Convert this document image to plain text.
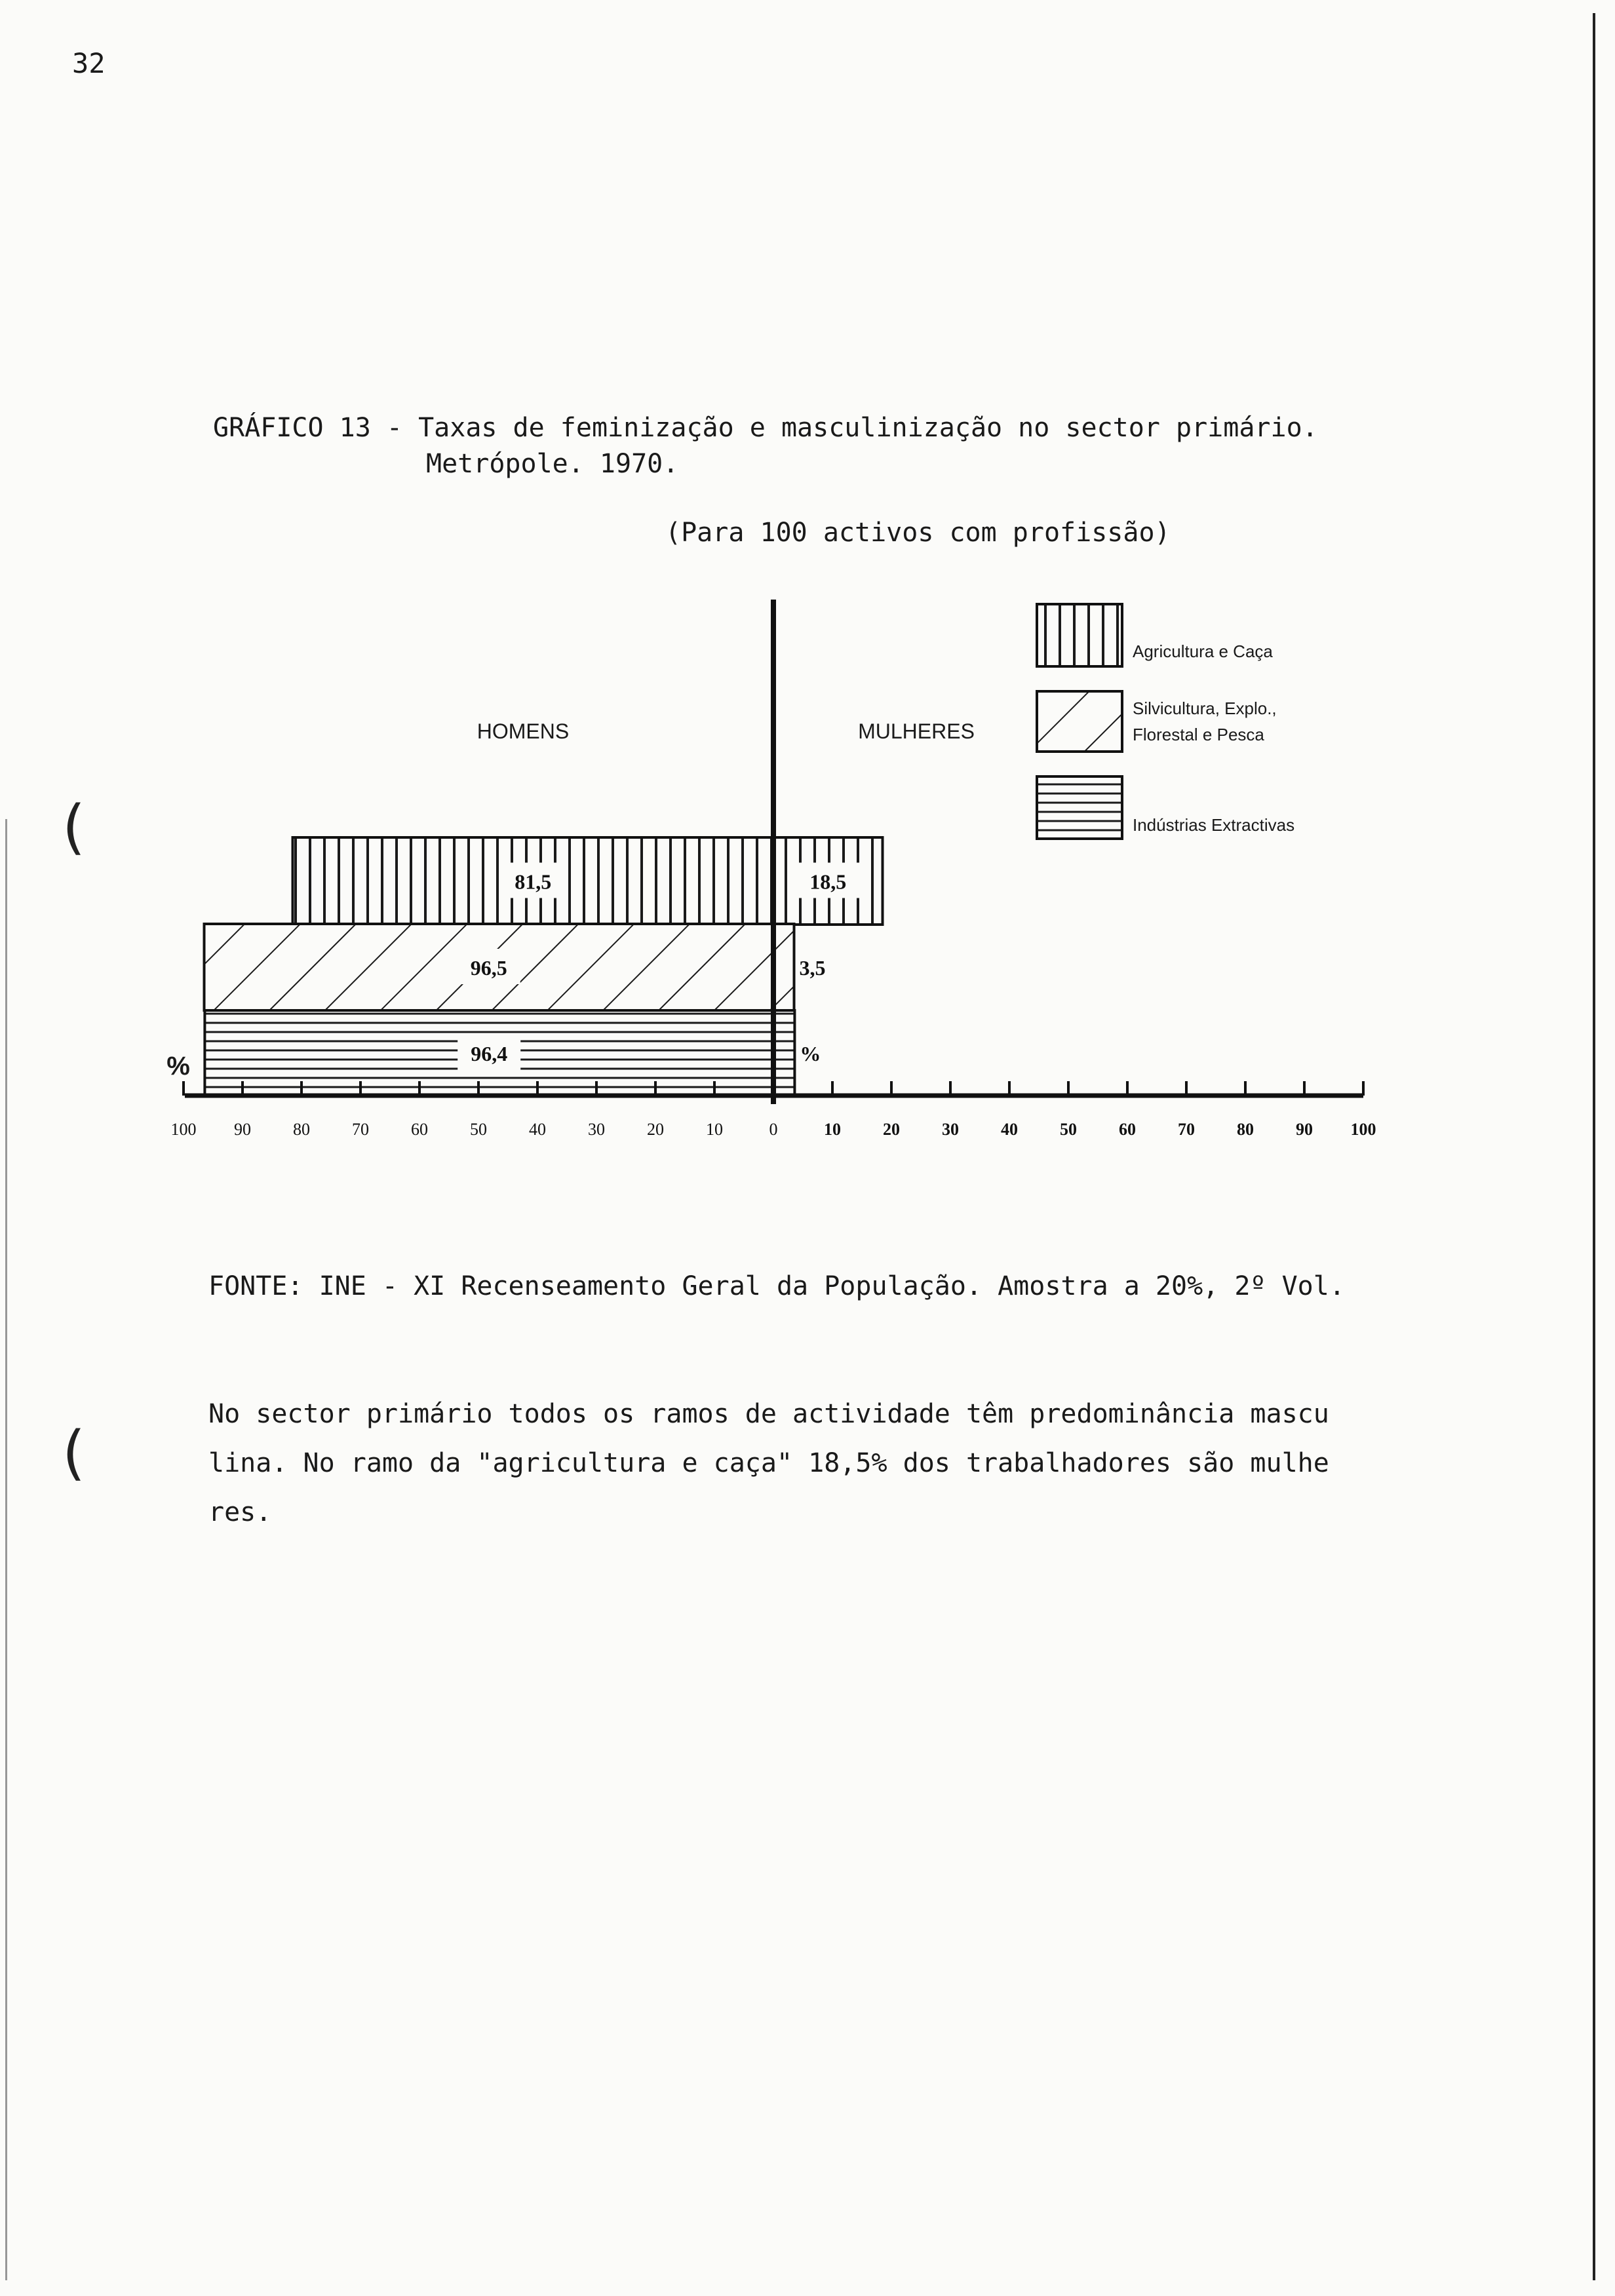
(
(
32
GRÁFICO 13 - Taxas de feminização e masculinização no sector primário.
Metrópole. 1970.
(Para 100 activos com profissão)
81,5	18,5
96,5	3,5
96,4	%
100 90 80 70 60 50 40 30 20 10	0	10 20 30 40 50 60 70 80 90 100
HOMENS	MULHERES
%
Agricultura e Caça
Silvicultura, Explo.,
Florestal e Pesca
Indústrias Extractivas
FONTE: INE - XI Recenseamento Geral da População. Amostra a 20%, 2º Vol.
No sector primário todos os ramos de actividade têm predominância mascu
lina. No ramo da "agricultura e caça" 18,5% dos trabalhadores são mulhe
res.
